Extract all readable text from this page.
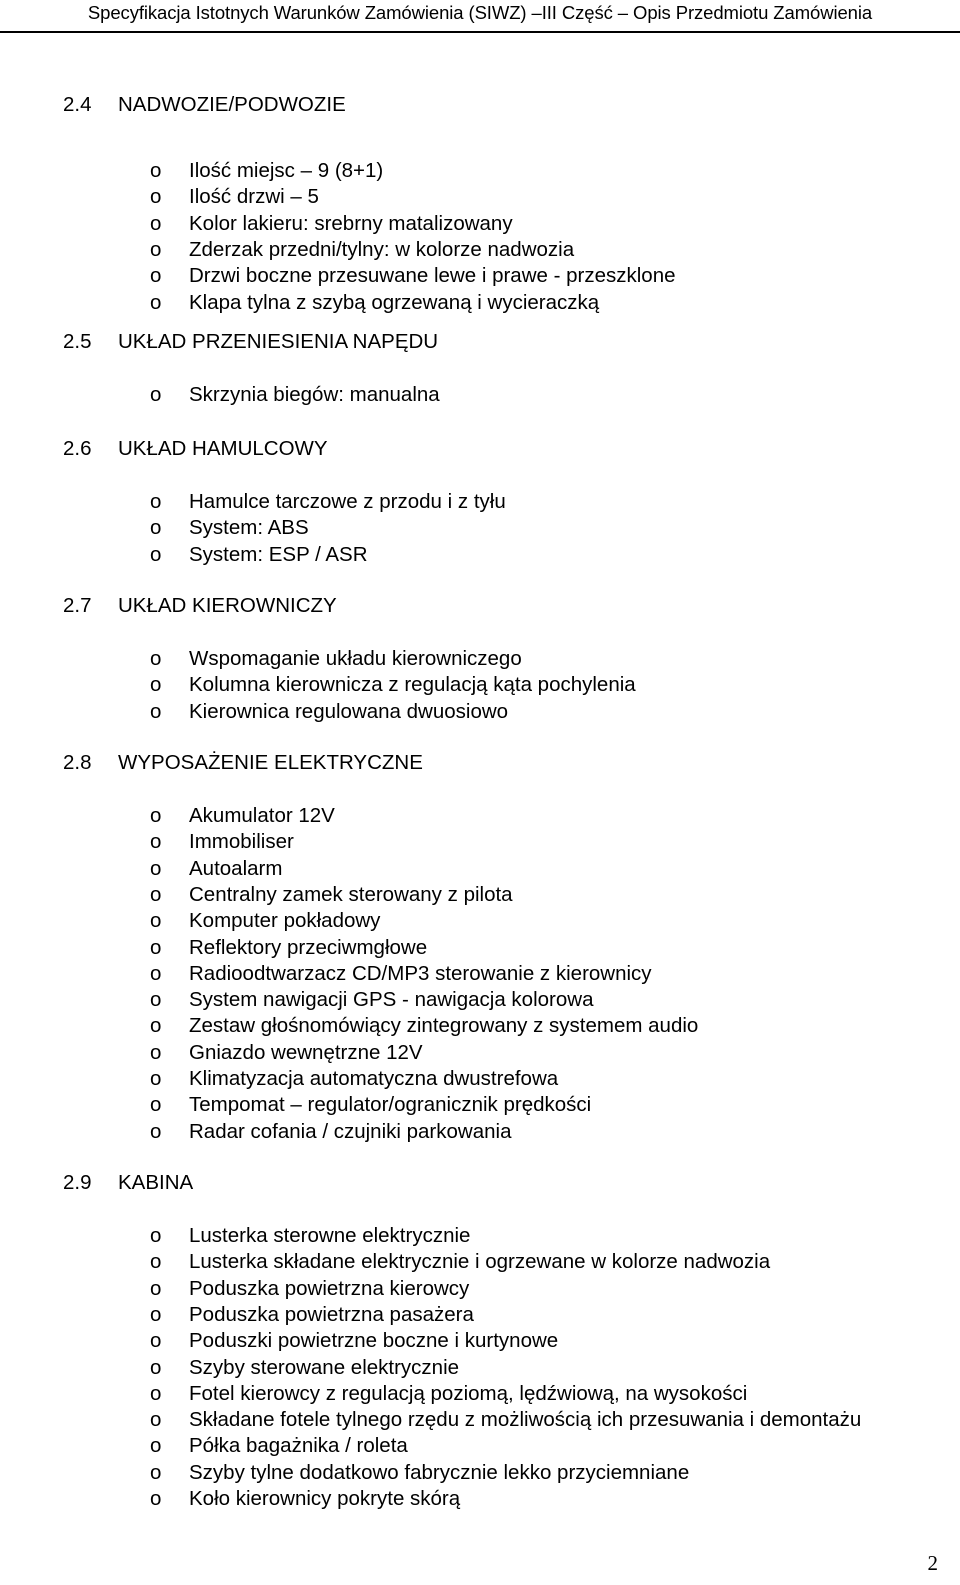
Specyfikacja Istotnych Warunków Zamówienia (SIWZ) –III Część – Opis Przedmiotu Zamówienia
2.4 NADWOZIE/PODWOZIE
o Ilość miejsc – 9 (8+1)
o Ilość drzwi – 5
o Kolor lakieru: srebrny matalizowany
o Zderzak przedni/tylny: w kolorze nadwozia
o Drzwi boczne przesuwane lewe i prawe - przeszklone
o Klapa tylna z szybą ogrzewaną i wycieraczką
2.5 UKŁAD PRZENIESIENIA NAPĘDU
o Skrzynia biegów: manualna
2.6 UKŁAD HAMULCOWY
o Hamulce tarczowe z przodu i z tyłu
o System: ABS
o System: ESP / ASR
2.7 UKŁAD KIEROWNICZY
o Wspomaganie układu kierowniczego
o Kolumna kierownicza z regulacją kąta pochylenia
o Kierownica regulowana dwuosiowo
2.8 WYPOSAŻENIE ELEKTRYCZNE
o Akumulator 12V
o Immobiliser
o Autoalarm
o Centralny zamek sterowany z pilota
o Komputer pokładowy
o Reflektory przeciwmgłowe
o Radioodtwarzacz CD/MP3 sterowanie z kierownicy
o System nawigacji GPS - nawigacja kolorowa
o Zestaw głośnomówiący zintegrowany z systemem audio
o Gniazdo wewnętrzne 12V
o Klimatyzacja automatyczna dwustrefowa
o Tempomat – regulator/ogranicznik prędkości
o Radar cofania / czujniki parkowania
2.9 KABINA
o Lusterka sterowne elektrycznie
o Lusterka składane elektrycznie i ogrzewane w kolorze nadwozia
o Poduszka powietrzna kierowcy
o Poduszka powietrzna pasażera
o Poduszki powietrzne boczne i kurtynowe
o Szyby sterowane elektrycznie
o Fotel kierowcy z regulacją poziomą, lędźwiową, na wysokości
o Składane fotele tylnego rzędu z możliwością ich przesuwania i demontażu
o Półka bagażnika / roleta
o Szyby tylne dodatkowo fabrycznie lekko przyciemniane
o Koło kierownicy pokryte skórą
2
